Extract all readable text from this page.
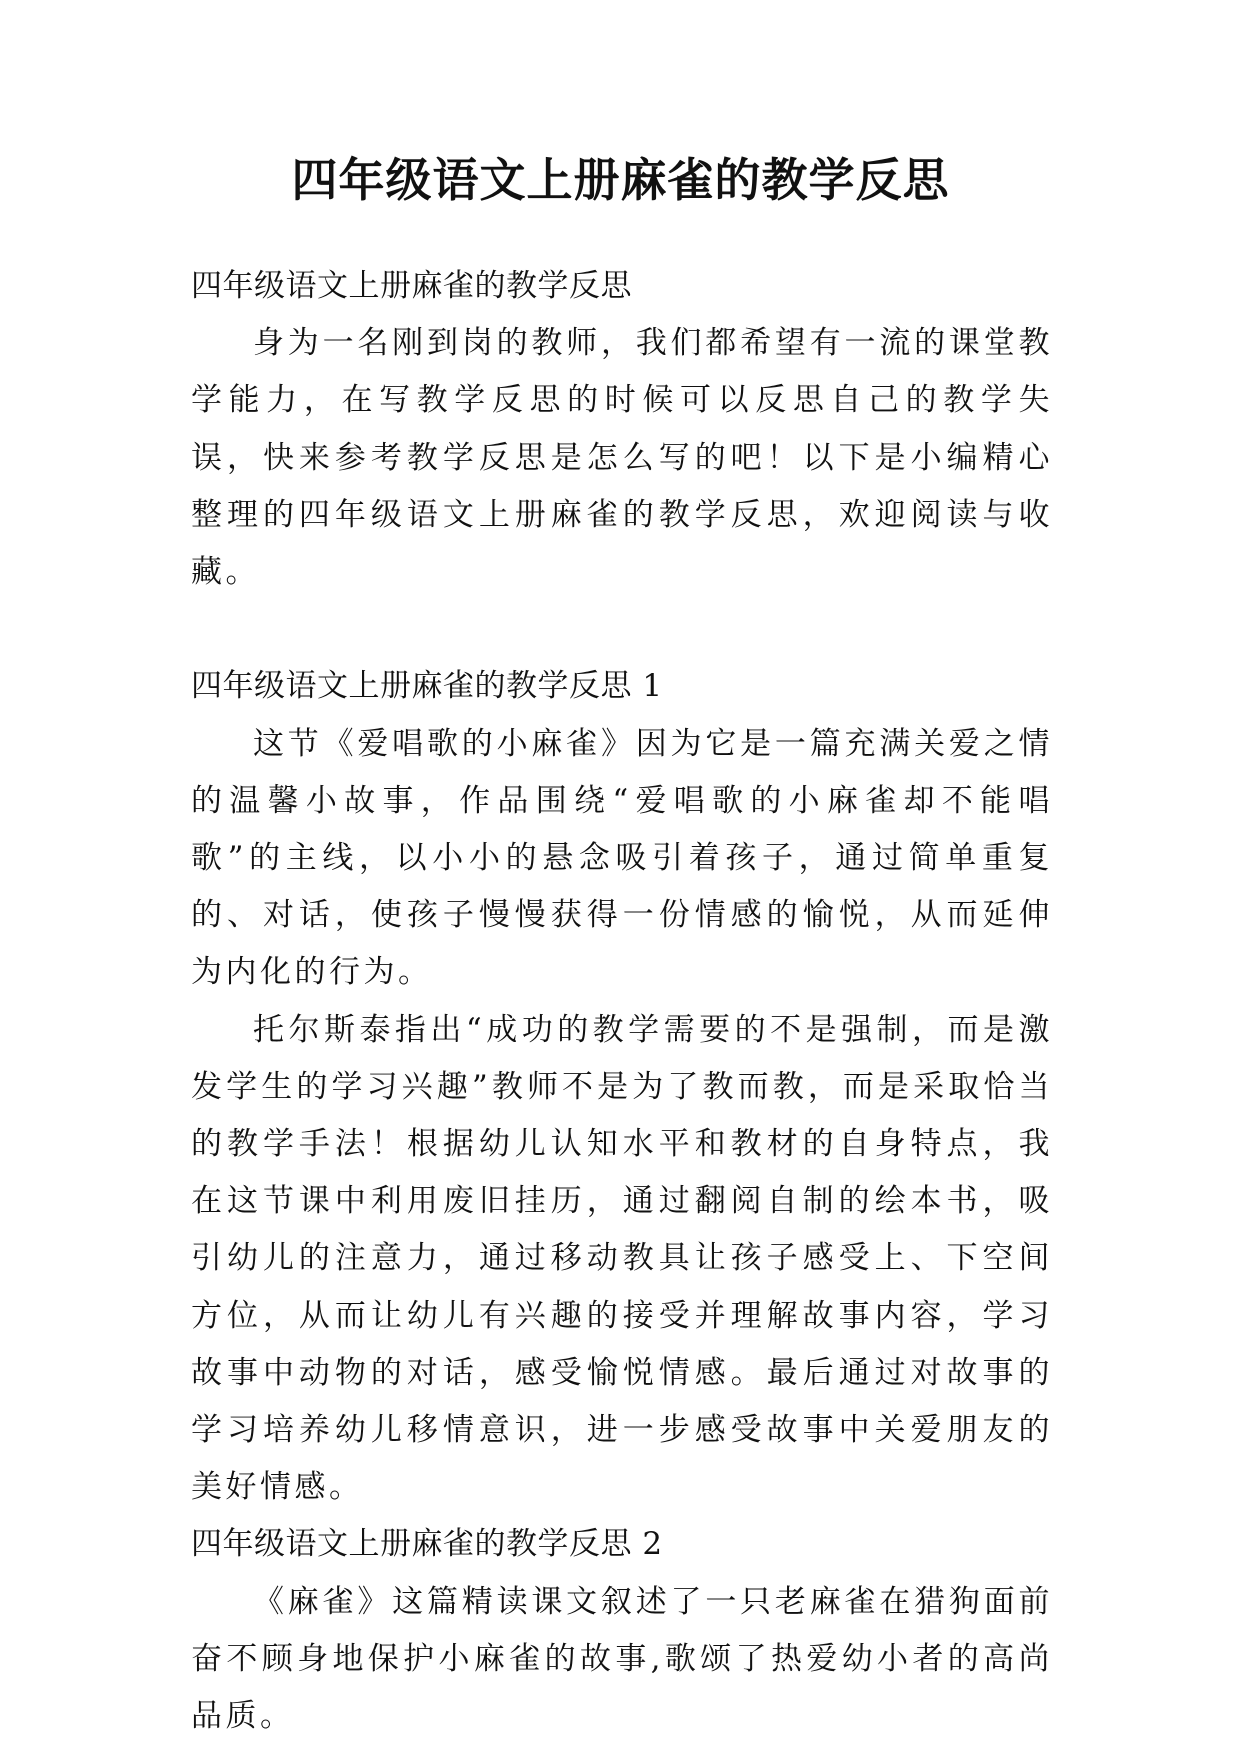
四年级语文上册麻雀的教学反思

四年级语文上册麻雀的教学反思

身为一名刚到岗的教师，我们都希望有一流的课堂教学能力，在写教学反思的时候可以反思自己的教学失误，快来参考教学反思是怎么写的吧！以下是小编精心整理的四年级语文上册麻雀的教学反思，欢迎阅读与收藏。

四年级语文上册麻雀的教学反思 1

这节《爱唱歌的小麻雀》因为它是一篇充满关爱之情的温馨小故事，作品围绕“爱唱歌的小麻雀却不能唱歌”的主线，以小小的悬念吸引着孩子，通过简单重复的、对话，使孩子慢慢获得一份情感的愉悦，从而延伸为内化的行为。

托尔斯泰指出“成功的教学需要的不是强制，而是激发学生的学习兴趣”教师不是为了教而教，而是采取恰当的教学手法！根据幼儿认知水平和教材的自身特点，我在这节课中利用废旧挂历，通过翻阅自制的绘本书，吸引幼儿的注意力，通过移动教具让孩子感受上、下空间方位，从而让幼儿有兴趣的接受并理解故事内容，学习故事中动物的对话，感受愉悦情感。最后通过对故事的学习培养幼儿移情意识，进一步感受故事中关爱朋友的美好情感。

四年级语文上册麻雀的教学反思 2

《麻雀》这篇精读课文叙述了一只老麻雀在猎狗面前奋不顾身地保护小麻雀的故事,歌颂了热爱幼小者的高尚品质。
